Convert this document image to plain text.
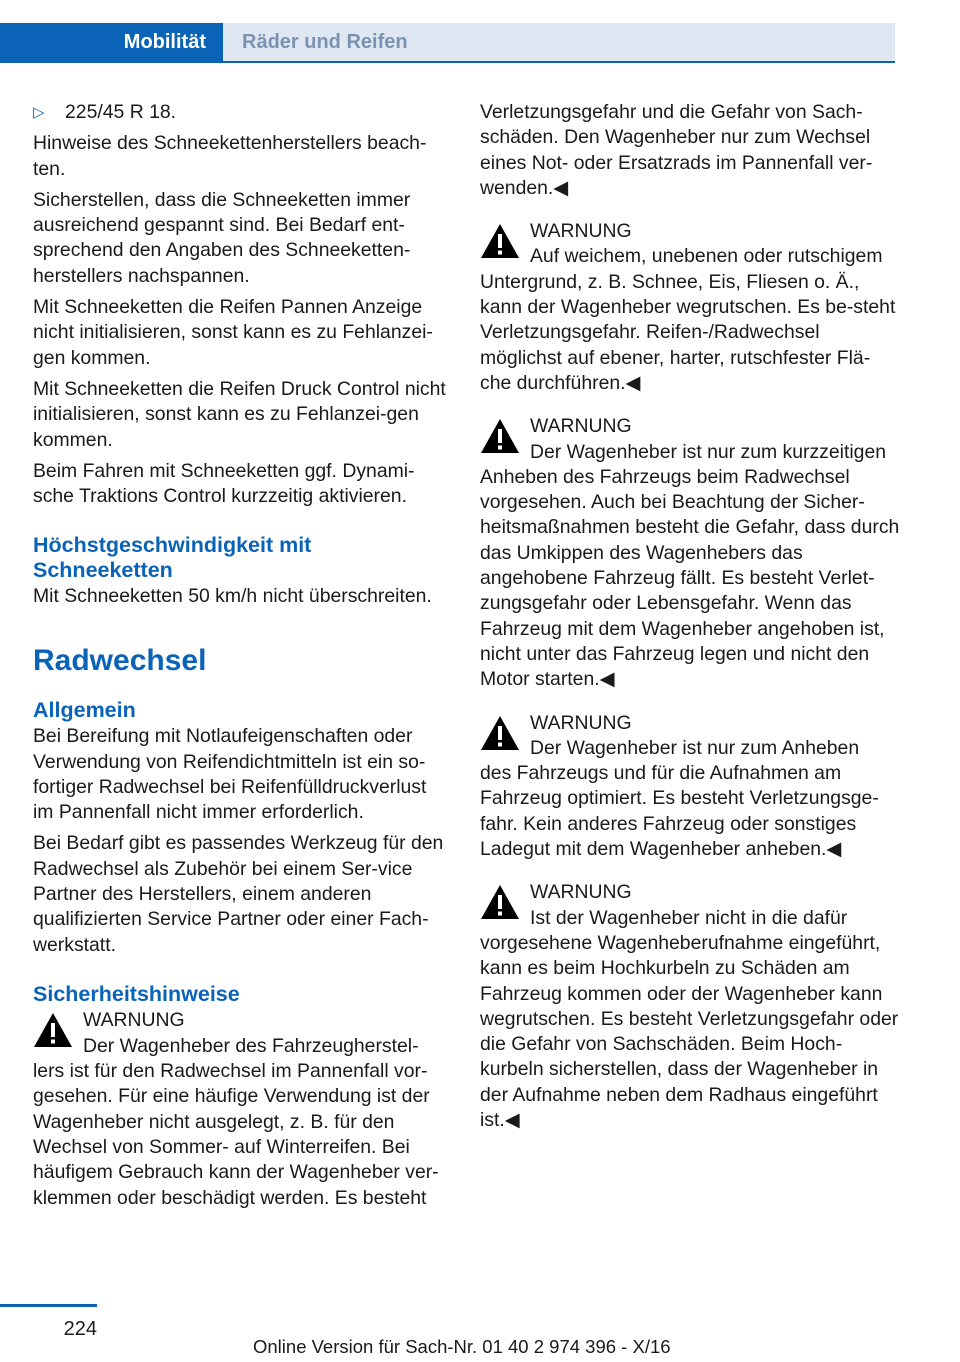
Mobilität	Räder und Reifen
▷ 225/45 R 18.

Hinweise des Schneekettenherstellers beach‐ten.

Sicherstellen, dass die Schneeketten immer ausreichend gespannt sind. Bei Bedarf ent‐sprechend den Angaben des Schneeketten‐herstellers nachspannen.

Mit Schneeketten die Reifen Pannen Anzeige nicht initialisieren, sonst kann es zu Fehlanzei‐gen kommen.

Mit Schneeketten die Reifen Druck Control nicht initialisieren, sonst kann es zu Fehlanzei‐gen kommen.

Beim Fahren mit Schneeketten ggf. Dynami‐sche Traktions Control kurzzeitig aktivieren.

Höchstgeschwindigkeit mit Schneeketten

Mit Schneeketten 50 km/h nicht überschreiten.

Radwechsel
Allgemein

Bei Bereifung mit Notlaufeigenschaften oder Verwendung von Reifendichtmitteln ist ein so‐fortiger Radwechsel bei Reifenfülldruckverlust im Pannenfall nicht immer erforderlich.

Bei Bedarf gibt es passendes Werkzeug für den Radwechsel als Zubehör bei einem Ser‐vice Partner des Herstellers, einem anderen qualifizierten Service Partner oder einer Fach‐werkstatt.

Sicherheitshinweise
WARNUNG
Der Wagenheber des Fahrzeugherstel‐
lers ist für den Radwechsel im Pannenfall vor‐gesehen. Für eine häufige Verwendung ist der Wagenheber nicht ausgelegt, z. B. für den Wechsel von Sommer- auf Winterreifen. Bei häufigem Gebrauch kann der Wagenheber ver‐klemmen oder beschädigt werden. Es besteht

Verletzungsgefahr und die Gefahr von Sach‐schäden. Den Wagenheber nur zum Wechsel eines Not- oder Ersatzrads im Pannenfall ver‐wenden.◀

WARNUNG
Auf weichem, unebenen oder rutschigem
Untergrund, z. B. Schnee, Eis, Fliesen o. Ä., kann der Wagenheber wegrutschen. Es be‐steht Verletzungsgefahr. Reifen-/Radwechsel möglichst auf ebener, harter, rutschfester Flä‐che durchführen.◀
WARNUNG
Der Wagenheber ist nur zum kurzzeitigen
Anheben des Fahrzeugs beim Radwechsel vorgesehen. Auch bei Beachtung der Sicher‐heitsmaßnahmen besteht die Gefahr, dass durch das Umkippen des Wagenhebers das angehobene Fahrzeug fällt. Es besteht Verlet‐zungsgefahr oder Lebensgefahr. Wenn das Fahrzeug mit dem Wagenheber angehoben ist, nicht unter das Fahrzeug legen und nicht den Motor starten.◀
WARNUNG
Der Wagenheber ist nur zum Anheben
des Fahrzeugs und für die Aufnahmen am Fahrzeug optimiert. Es besteht Verletzungsge‐fahr. Kein anderes Fahrzeug oder sonstiges Ladegut mit dem Wagenheber anheben.◀
WARNUNG
Ist der Wagenheber nicht in die dafür
vorgesehene Wagenheberufnahme eingeführt, kann es beim Hochkurbeln zu Schäden am Fahrzeug kommen oder der Wagenheber kann wegrutschen. Es besteht Verletzungsgefahr oder die Gefahr von Sachschäden. Beim Hoch‐kurbeln sicherstellen, dass der Wagenheber in der Aufnahme neben dem Radhaus eingeführt ist.◀
224
Online Version für Sach-Nr. 01 40 2 974 396 - X/16
